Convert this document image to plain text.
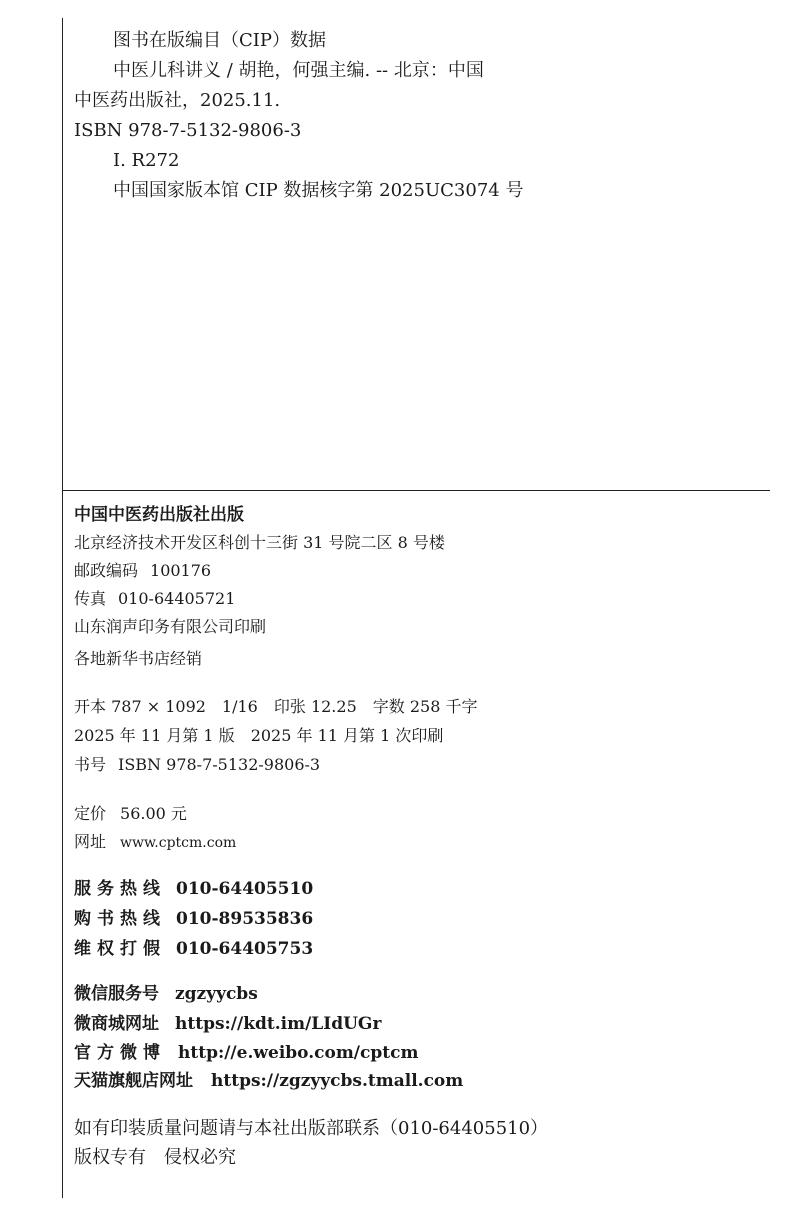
图书在版编目（CIP）数据
中医儿科讲义 / 胡艳，何强主编. -- 北京：中国
中医药出版社，2025.11.
ISBN 978-7-5132-9806-3
Ⅰ. R272
中国国家版本馆 CIP 数据核字第 2025UC3074 号
中国中医药出版社出版
北京经济技术开发区科创十三街 31 号院二区 8 号楼
邮政编码 100176
传真 010-64405721
山东润声印务有限公司印刷
各地新华书店经销
开本 787 × 1092　1/16　印张 12.25　字数 258 千字
2025 年 11 月第 1 版　2025 年 11 月第 1 次印刷
书号 ISBN 978-7-5132-9806-3
定价 56.00 元
网址 www.cptcm.com
服务热线 010-64405510
购书热线 010-89535836
维权打假 010-64405753
微信服务号 zgzyycbs
微商城网址 https://kdt.im/LIdUGr
官方微博 http://e.weibo.com/cptcm
天猫旗舰店网址 https://zgzyycbs.tmall.com
如有印装质量问题请与本社出版部联系（010-64405510）
版权专有　侵权必究
